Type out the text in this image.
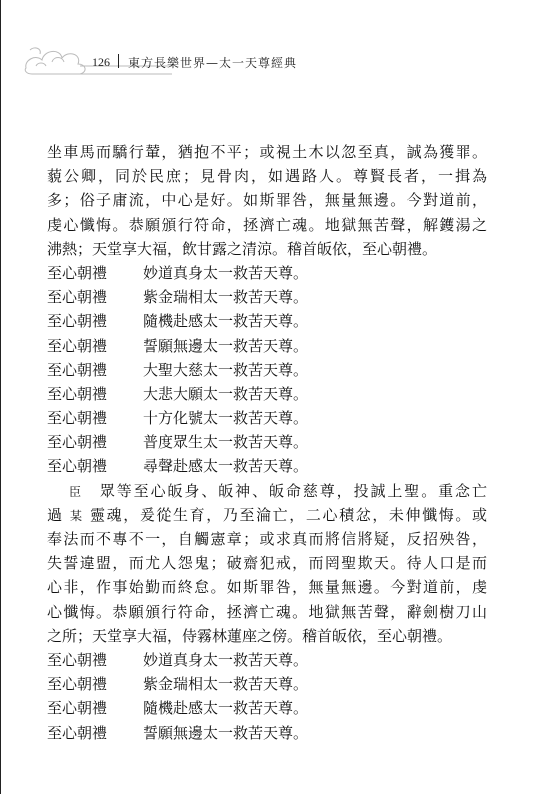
126 東方長樂世界—太一天尊經典
坐車馬而驕行輦，猶抱不平；或視土木以忽至真，誠為獲罪。
藐公卿，同於民庶；見骨肉，如遇路人。尊賢長者，一揖為
多；俗子庸流，中心是好。如斯罪咎，無量無邊。今對道前，
虔心懺悔。恭願頒行符命，拯濟亡魂。地獄無苦聲，解鑊湯之
沸熱；天堂享大福，飲甘露之清涼。稽首皈依，至心朝禮。
至心朝禮 妙道真身太一救苦天尊。
至心朝禮 紫金瑞相太一救苦天尊。
至心朝禮 隨機赴感太一救苦天尊。
至心朝禮 誓願無邊太一救苦天尊。
至心朝禮 大聖大慈太一救苦天尊。
至心朝禮 大悲大願太一救苦天尊。
至心朝禮 十方化號太一救苦天尊。
至心朝禮 普度眾生太一救苦天尊。
至心朝禮 尋聲赴感太一救苦天尊。
臣　 眾等至心皈身、皈神、皈命慈尊，投誠上聖。重念亡
過 某 靈魂，爰從生育，乃至淪亡，二心積忿，未伸懺悔。或
奉法而不專不一，自觸憲章；或求真而將信將疑，反招殃咎，
失誓違盟，而尤人怨鬼；破齋犯戒，而罔聖欺天。待人口是而
心非，作事始勤而終怠。如斯罪咎，無量無邊。今對道前，虔
心懺悔。恭願頒行符命，拯濟亡魂。地獄無苦聲，辭劍樹刀山
之所；天堂享大福，侍霧林蓮座之傍。稽首皈依，至心朝禮。
至心朝禮 妙道真身太一救苦天尊。
至心朝禮 紫金瑞相太一救苦天尊。
至心朝禮 隨機赴感太一救苦天尊。
至心朝禮 誓願無邊太一救苦天尊。
